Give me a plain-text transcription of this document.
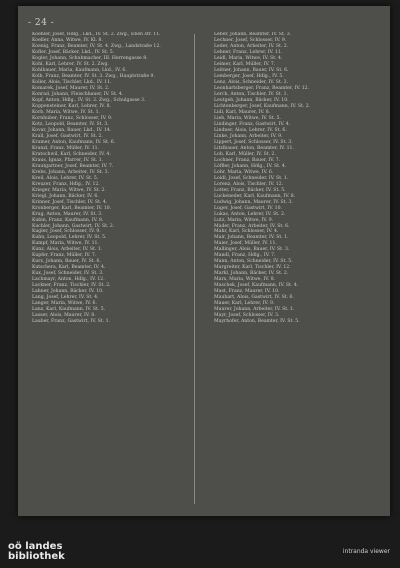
- 24 -

Koehler, Josef, Hdlg., Lkd., IV. St. 2. Zwg., Eben str. 11.

Koeller, Anna, Witwe, IV. Kl. 8.

Koenig, Franz, Beamter, IV. St. 4. Zwg., Landstraße 12.

Kofler, Josef, Bäcker, Lkd., IV. St. 5.

Kogler, Johann, Schuhmacher, III. Herrengasse 8.

Kohl, Karl, Lehrer, IV. St. 2. Zwg.

Kohlbauer, Maria, Kaufmann, Lkd., IV. 6.

Kolb, Franz, Beamter, IV. St. 3. Zwg., Hauptstraße 9.

Koller, Alois, Tischler, Lkd., IV. 11.

Komarek, Josef, Maurer, IV. St. 2.

Konrad, Johann, Fleischhauer, IV. St. 4.

Kopf, Anton, Hdlg., IV. St. 2. Zwg., Schulgasse 3.

Koppensteiner, Karl, Lehrer, IV. 8.

Korb, Maria, Witwe, IV. St. 1.

Kornhuber, Franz, Schlosser, IV. 9.

Kotz, Leopold, Beamter, IV. St. 3.

Kovar, Johann, Bauer, Lkd., IV. 14.

Krall, Josef, Gastwirt, IV. St. 2.

Kramer, Anton, Kaufmann, IV. St. 6.

Kranzl, Franz, Müller, IV. 11.

Kratochwil, Karl, Schneider, IV. 4.

Kraus, Ignaz, Pfarrer, IV. St. 1.

Krautgartner, Josef, Beamter, IV. 7.

Krebs, Johann, Arbeiter, IV. St. 3.

Kreil, Alois, Lehrer, IV. St. 5.

Kreuzer, Franz, Hdlg., IV. 12.

Krieger, Maria, Witwe, IV. St. 2.

Kriegl, Johann, Bäcker, IV. 6.

Krinner, Josef, Tischler, IV. St. 4.

Kronberger, Karl, Beamter, IV. 10.

Krug, Anton, Maurer, IV. St. 3.

Kubin, Franz, Kaufmann, IV. 8.

Kuchler, Johann, Gastwirt, IV. St. 2.

Kugler, Josef, Schlosser, IV. 9.

Kuhn, Leopold, Lehrer, IV. St. 5.

Kumpf, Maria, Witwe, IV. 11.

Kunz, Alois, Arbeiter, IV. St. 1.

Kupfer, Franz, Müller, IV. 7.

Kurz, Johann, Bauer, IV. St. 6.

Kutschera, Karl, Beamter, IV. 4.

Kux, Josef, Schneider, IV. St. 3.

Lachmayr, Anton, Hdlg., IV. 12.

Lackner, Franz, Tischler, IV. St. 2.

Lahner, Johann, Bäcker, IV. 10.

Lang, Josef, Lehrer, IV. St. 4.

Langer, Maria, Witwe, IV. 6.

Lanz, Karl, Kaufmann, IV. St. 5.

Lasser, Alois, Maurer, IV. 8.

Lauber, Franz, Gastwirt, IV. St. 1.

Leber, Johann, Beamter, IV. St. 3.

Lechner, Josef, Schlosser, IV. 9.

Leder, Anton, Arbeiter, IV. St. 2.

Lehner, Franz, Lehrer, IV. 11.

Leidl, Maria, Witwe, IV. St. 4.

Leimer, Karl, Müller, IV. 7.

Leitner, Johann, Bauer, IV. St. 6.

Lemberger, Josef, Hdlg., IV. 5.

Lenz, Alois, Schneider, IV. St. 3.

Leonhartsberger, Franz, Beamter, IV. 12.

Lerch, Anton, Tischler, IV. St. 1.

Leutgeb, Johann, Bäcker, IV. 10.

Lichtenberger, Josef, Kaufmann, IV. St. 2.

Lidl, Karl, Maurer, IV. 8.

Lieb, Maria, Witwe, IV. St. 5.

Lindinger, Franz, Gastwirt, IV. 4.

Lindner, Alois, Lehrer, IV. St. 6.

Linke, Johann, Arbeiter, IV. 9.

Lippert, Josef, Schlosser, IV. St. 3.

Litzlbauer, Anton, Beamter, IV. 11.

Lob, Karl, Müller, IV. St. 2.

Lochner, Franz, Bauer, IV. 7.

Löffler, Johann, Hdlg., IV. St. 4.

Lohr, Maria, Witwe, IV. 6.

Loidl, Josef, Schneider, IV. St. 1.

Lorenz, Alois, Tischler, IV. 12.

Lotter, Franz, Bäcker, IV. St. 5.

Luckeneder, Karl, Kaufmann, IV. 8.

Ludwig, Johann, Maurer, IV. St. 3.

Luger, Josef, Gastwirt, IV. 10.

Lukas, Anton, Lehrer, IV. St. 2.

Lutz, Maria, Witwe, IV. 9.

Mader, Franz, Arbeiter, IV. St. 6.

Mahr, Karl, Schlosser, IV. 4.

Mair, Johann, Beamter, IV. St. 1.

Maier, Josef, Müller, IV. 11.

Mallinger, Alois, Bauer, IV. St. 3.

Mandl, Franz, Hdlg., IV. 7.

Mann, Anton, Schneider, IV. St. 5.

Margreiter, Karl, Tischler, IV. 12.

Markl, Johann, Bäcker, IV. St. 2.

Marx, Maria, Witwe, IV. 8.

Maschek, Josef, Kaufmann, IV. St. 4.

Mast, Franz, Maurer, IV. 10.

Mauhart, Alois, Gastwirt, IV. St. 6.

Mauer, Karl, Lehrer, IV. 9.

Maurer, Johann, Arbeiter, IV. St. 1.

Mayr, Josef, Schlosser, IV. 3.

Mayrhofer, Anton, Beamter, IV. St. 5.

oö landes
bibliothek	intranda viewer
